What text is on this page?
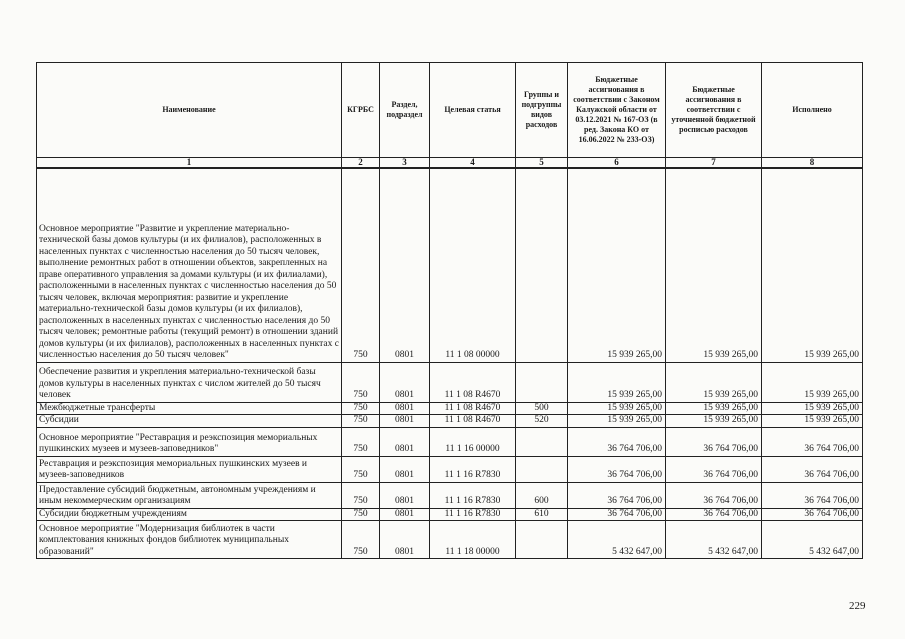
Наименование	КГРБС	Раздел, подраздел	Целевая статья	Группы и подгруппы видов расходов	Бюджетные ассигнования в соответствии с Законом Калужской области от 03.12.2021 № 167-ОЗ (в ред. Закона КО от 16.06.2022 № 233-ОЗ)	Бюджетные ассигнования в соответствии с уточненной бюджетной росписью расходов	Исполнено
1	2	3	4	5	6	7	8
Основное мероприятие "Развитие и укрепление материально-технической базы домов культуры (и их филиалов), расположенных в населенных пунктах с численностью населения до 50 тысяч человек, выполнение ремонтных работ в отношении объектов, закрепленных на праве оперативного управления за домами культуры (и их филиалами), расположенными в населенных пунктах с численностью населения до 50 тысяч человек, включая мероприятия: развитие и укрепление материально-технической базы домов культуры (и их филиалов), расположенных в населенных пунктах с численностью населения до 50 тысяч человек; ремонтные работы (текущий ремонт) в отношении зданий домов культуры (и их филиалов), расположенных в населенных пунктах с численностью населения до 50 тысяч человек"	750	0801	11 1 08 00000		15 939 265,00	15 939 265,00	15 939 265,00
Обеспечение развития и укрепления материально-технической базы домов культуры в населенных пунктах с числом жителей до 50 тысяч человек	750	0801	11 1 08 R4670		15 939 265,00	15 939 265,00	15 939 265,00
Межбюджетные трансферты	750	0801	11 1 08 R4670	500	15 939 265,00	15 939 265,00	15 939 265,00
Субсидии	750	0801	11 1 08 R4670	520	15 939 265,00	15 939 265,00	15 939 265,00
Основное мероприятие "Реставрация и реэкспозиция мемориальных пушкинских музеев и музеев-заповедников"	750	0801	11 1 16 00000		36 764 706,00	36 764 706,00	36 764 706,00
Реставрация и реэкспозиция мемориальных пушкинских музеев и музеев-заповедников	750	0801	11 1 16 R7830		36 764 706,00	36 764 706,00	36 764 706,00
Предоставление субсидий бюджетным, автономным учреждениям и иным некоммерческим организациям	750	0801	11 1 16 R7830	600	36 764 706,00	36 764 706,00	36 764 706,00
Субсидии бюджетным учреждениям	750	0801	11 1 16 R7830	610	36 764 706,00	36 764 706,00	36 764 706,00
Основное мероприятие "Модернизация библиотек в части комплектования книжных фондов библиотек муниципальных образований"	750	0801	11 1 18 00000		5 432 647,00	5 432 647,00	5 432 647,00
229
